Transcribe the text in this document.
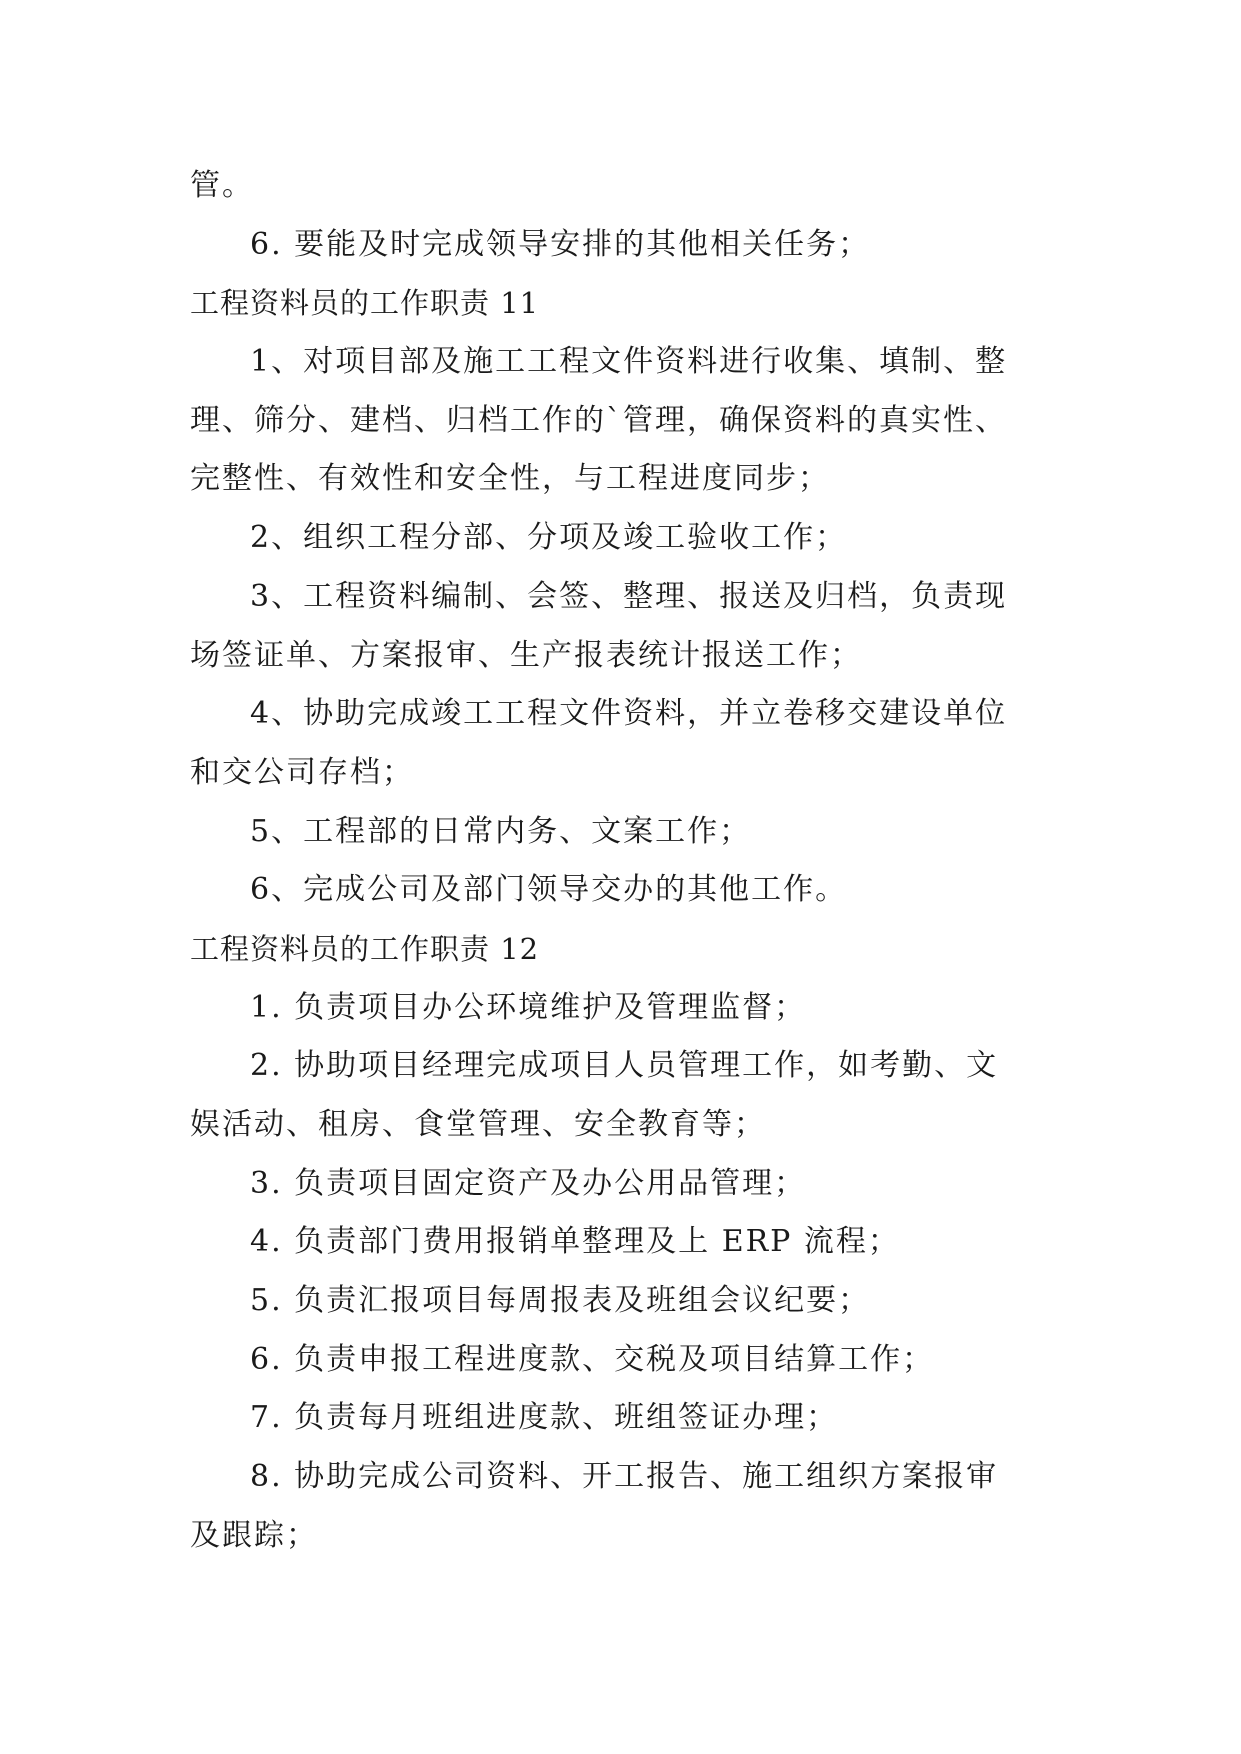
管。
6. 要能及时完成领导安排的其他相关任务；
工程资料员的工作职责 11
1、对项目部及施工工程文件资料进行收集、填制、整
理、筛分、建档、归档工作的`管理，确保资料的真实性、
完整性、有效性和安全性，与工程进度同步；
2、组织工程分部、分项及竣工验收工作；
3、工程资料编制、会签、整理、报送及归档，负责现
场签证单、方案报审、生产报表统计报送工作；
4、协助完成竣工工程文件资料，并立卷移交建设单位
和交公司存档；
5、工程部的日常内务、文案工作；
6、完成公司及部门领导交办的其他工作。
工程资料员的工作职责 12
1. 负责项目办公环境维护及管理监督；
2. 协助项目经理完成项目人员管理工作，如考勤、文
娱活动、租房、食堂管理、安全教育等；
3. 负责项目固定资产及办公用品管理；
4. 负责部门费用报销单整理及上 ERP 流程；
5. 负责汇报项目每周报表及班组会议纪要；
6. 负责申报工程进度款、交税及项目结算工作；
7. 负责每月班组进度款、班组签证办理；
8. 协助完成公司资料、开工报告、施工组织方案报审
及跟踪；
